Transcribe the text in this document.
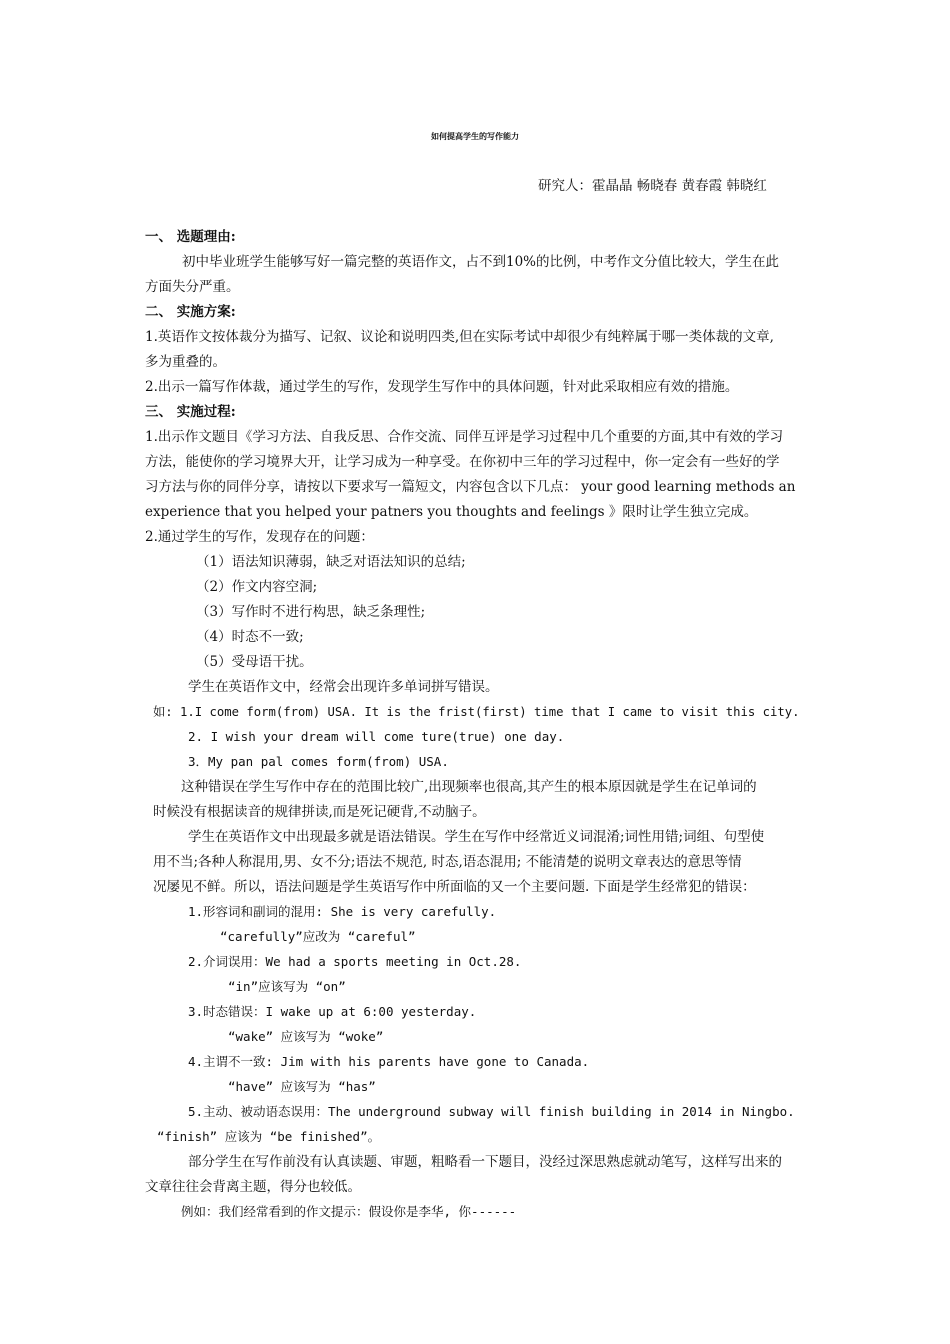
如何提高学生的写作能力
研究人：霍晶晶 畅晓春 黄春霞 韩晓红
一、 选题理由:
初中毕业班学生能够写好一篇完整的英语作文，占不到10%的比例，中考作文分值比较大，学生在此
方面失分严重。
二、 实施方案:
1.英语作文按体裁分为描写、记叙、议论和说明四类,但在实际考试中却很少有纯粹属于哪一类体裁的文章,
多为重叠的。
2.出示一篇写作体裁，通过学生的写作，发现学生写作中的具体问题，针对此采取相应有效的措施。
三、 实施过程:
1.出示作文题目《学习方法、自我反思、合作交流、同伴互评是学习过程中几个重要的方面,其中有效的学习
方法，能使你的学习境界大开，让学习成为一种享受。在你初中三年的学习过程中，你一定会有一些好的学
习方法与你的同伴分享，请按以下要求写一篇短文，内容包含以下几点： your good learning methods an
experience that you helped your patners you thoughts and feelings 》限时让学生独立完成。
2.通过学生的写作，发现存在的问题：
（1）语法知识薄弱，缺乏对语法知识的总结;
（2）作文内容空洞;
（3）写作时不进行构思，缺乏条理性;
（4）时态不一致;
（5）受母语干扰。
学生在英语作文中，经常会出现许多单词拼写错误。
如: 1.I come form(from) USA. It is the frist(first) time that I came to visit this city.
2. I wish your dream will come ture(true) one day.
3．My pan pal comes form(from) USA.
这种错误在学生写作中存在的范围比较广,出现频率也很高,其产生的根本原因就是学生在记单词的
时候没有根据读音的规律拼读,而是死记硬背,不动脑子。
学生在英语作文中出现最多就是语法错误。学生在写作中经常近义词混淆;词性用错;词组、句型使
用不当;各种人称混用,男、女不分;语法不规范, 时态,语态混用; 不能清楚的说明文章表达的意思等情
况屡见不鲜。所以，语法问题是学生英语写作中所面临的又一个主要问题. 下面是学生经常犯的错误：
1.形容词和副词的混用: She is very carefully.
“carefully”应改为 “careful”
2.介词误用：We had a sports meeting in Oct.28.
“in”应该写为 “on”
3.时态错误：I wake up at 6:00 yesterday.
“wake” 应该写为 “woke”
4.主谓不一致: Jim with his parents have gone to Canada.
“have” 应该写为 “has”
5.主动、被动语态误用：The underground subway will finish building in 2014 in Ningbo.
“finish” 应该为 “be finished”。
部分学生在写作前没有认真读题、审题，粗略看一下题目，没经过深思熟虑就动笔写，这样写出来的
文章往往会背离主题，得分也较低。
例如：我们经常看到的作文提示：假设你是李华, 你------
